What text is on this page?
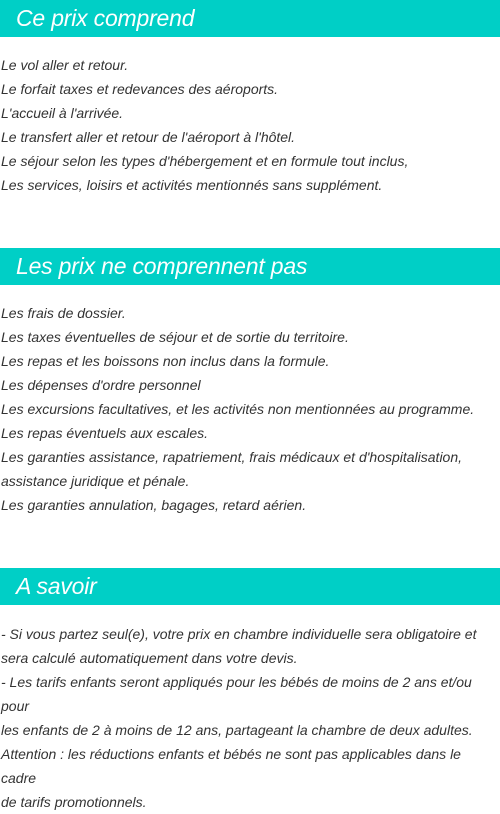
Ce prix comprend
Le vol aller et retour.
Le forfait taxes et redevances des aéroports.
L'accueil à l'arrivée.
Le transfert aller et retour de l'aéroport à l'hôtel.
Le séjour selon les types d'hébergement et en formule tout inclus,
Les services, loisirs et activités mentionnés sans supplément.
Les prix ne comprennent pas
Les frais de dossier.
Les taxes éventuelles de séjour et de sortie du territoire.
Les repas et les boissons non inclus dans la formule.
Les dépenses d'ordre personnel
Les excursions facultatives, et les activités non mentionnées au programme.
Les repas éventuels aux escales.
Les garanties assistance, rapatriement, frais médicaux et d'hospitalisation,
assistance juridique et pénale.
Les garanties annulation, bagages, retard aérien.
A savoir
- Si vous partez seul(e), votre prix en chambre individuelle sera obligatoire et
sera calculé automatiquement dans votre devis.
- Les tarifs enfants seront appliqués pour les bébés de moins de 2 ans et/ou pour
les enfants de 2 à moins de 12 ans, partageant la chambre de deux adultes.
Attention : les réductions enfants et bébés ne sont pas applicables dans le cadre
de tarifs promotionnels.
